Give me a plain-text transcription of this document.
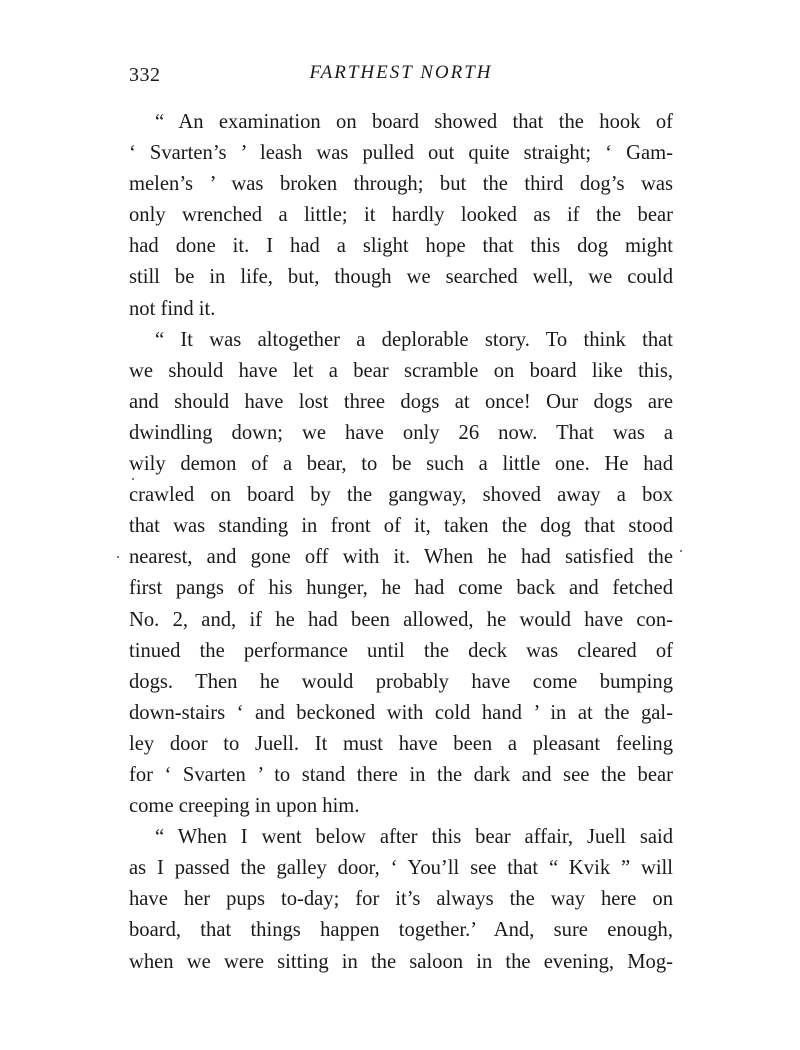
332	FARTHEST NORTH
“ An examination on board showed that the hook of
‘ Svarten’s ’ leash was pulled out quite straight; ‘ Gam-
melen’s ’ was broken through; but the third dog’s was
only wrenched a little; it hardly looked as if the bear
had done it. I had a slight hope that this dog might
still be in life, but, though we searched well, we could
not find it.
“ It was altogether a deplorable story. To think that
we should have let a bear scramble on board like this,
and should have lost three dogs at once! Our dogs are
dwindling down; we have only 26 now. That was a
wily demon of a bear, to be such a little one. He had
crawled on board by the gangway, shoved away a box
that was standing in front of it, taken the dog that stood
nearest, and gone off with it. When he had satisfied the
first pangs of his hunger, he had come back and fetched
No. 2, and, if he had been allowed, he would have con-
tinued the performance until the deck was cleared of
dogs. Then he would probably have come bumping
down-stairs ‘ and beckoned with cold hand ’ in at the gal-
ley door to Juell. It must have been a pleasant feeling
for ‘ Svarten ’ to stand there in the dark and see the bear
come creeping in upon him.
“ When I went below after this bear affair, Juell said
as I passed the galley door, ‘ You’ll see that “ Kvik ” will
have her pups to-day; for it’s always the way here on
board, that things happen together.’ And, sure enough,
when we were sitting in the saloon in the evening, Mog-
